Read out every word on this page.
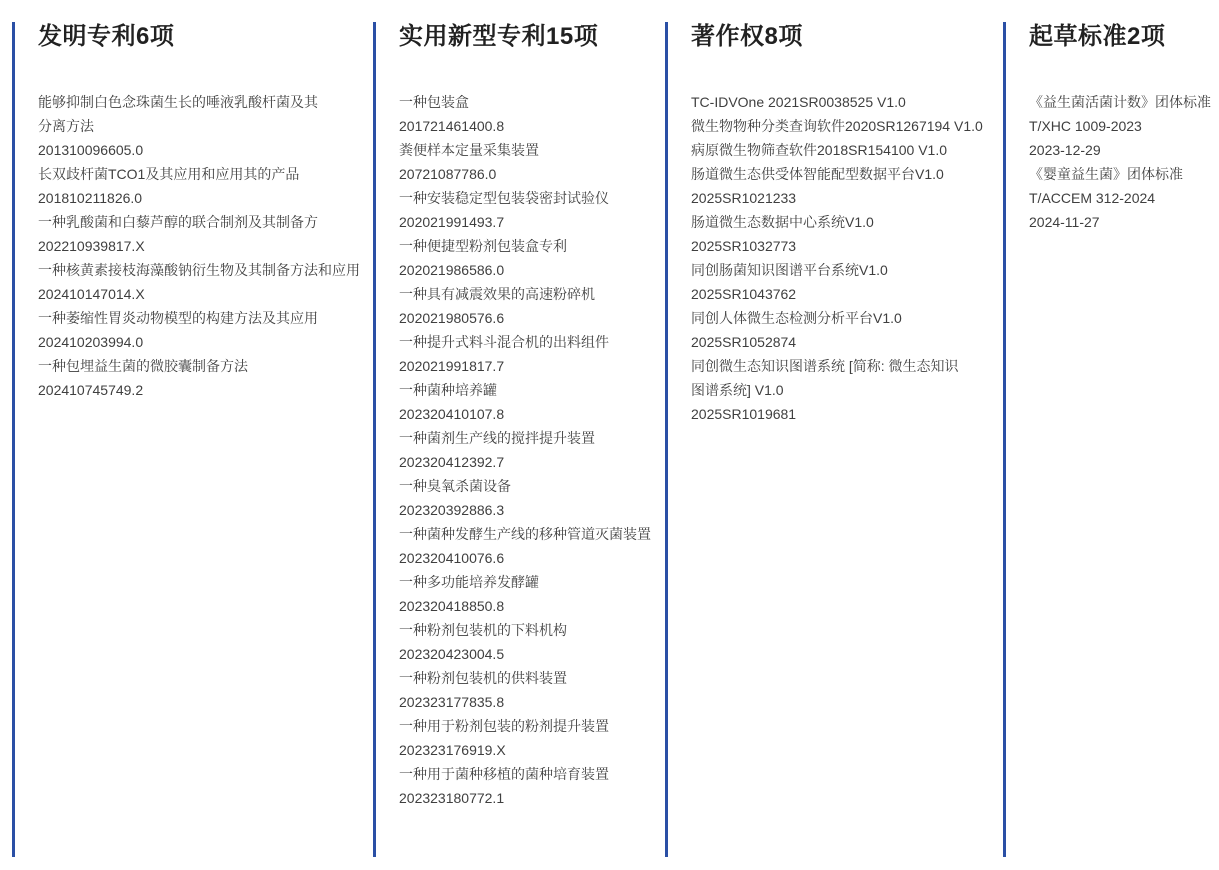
发明专利6项
能够抑制白色念珠菌生长的唾液乳酸杆菌及其
分离方法
201310096605.0
长双歧杆菌TCO1及其应用和应用其的产品
201810211826.0
一种乳酸菌和白藜芦醇的联合制剂及其制备方
202210939817.X
一种核黄素接枝海藻酸钠衍生物及其制备方法和应用
202410147014.X
一种萎缩性胃炎动物模型的构建方法及其应用
202410203994.0
一种包埋益生菌的微胶囊制备方法
202410745749.2
实用新型专利15项
一种包装盒
201721461400.8
粪便样本定量采集装置
20721087786.0
一种安装稳定型包装袋密封试验仪
202021991493.7
一种便捷型粉剂包装盒专利
202021986586.0
一种具有减震效果的高速粉碎机
202021980576.6
一种提升式料斗混合机的出料组件
202021991817.7
一种菌种培养罐
202320410107.8
一种菌剂生产线的搅拌提升装置
202320412392.7
一种臭氧杀菌设备
202320392886.3
一种菌种发酵生产线的移种管道灭菌装置
202320410076.6
一种多功能培养发酵罐
202320418850.8
一种粉剂包装机的下料机构
202320423004.5
一种粉剂包装机的供料装置
202323177835.8
一种用于粉剂包装的粉剂提升装置
202323176919.X
一种用于菌种移植的菌种培育装置
202323180772.1
著作权8项
TC-IDVOne 2021SR0038525 V1.0
微生物物种分类查询软件2020SR1267194 V1.0
病原微生物筛查软件2018SR154100 V1.0
肠道微生态供受体智能配型数据平台V1.0
2025SR1021233
肠道微生态数据中心系统V1.0
2025SR1032773
同创肠菌知识图谱平台系统V1.0
2025SR1043762
同创人体微生态检测分析平台V1.0
2025SR1052874
同创微生态知识图谱系统 [简称: 微生态知识
图谱系统] V1.0
2025SR1019681
起草标准2项
《益生菌活菌计数》团体标准
T/XHC 1009-2023
2023-12-29
《婴童益生菌》团体标准
T/ACCEM 312-2024
2024-11-27
